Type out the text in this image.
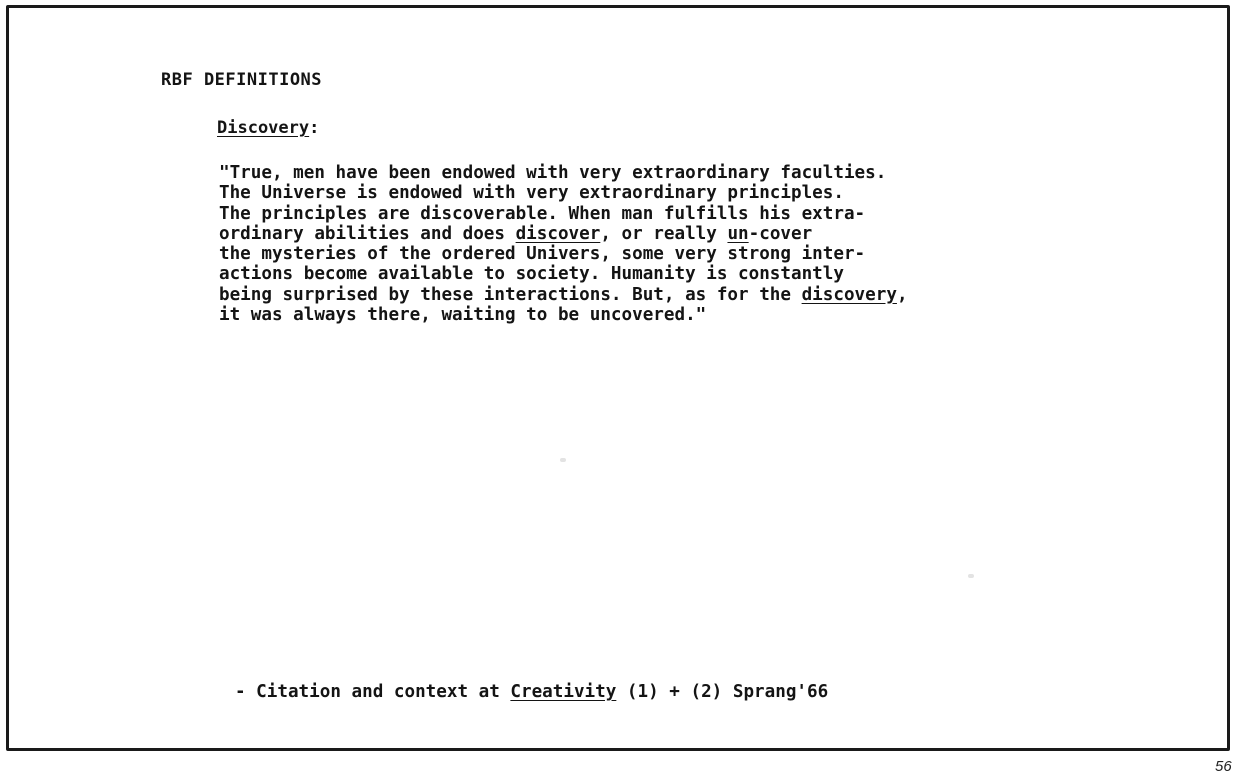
RBF DEFINITIONS
Discovery:
"True, men have been endowed with very extraordinary faculties.
The Universe is endowed with very extraordinary principles.
The principles are discoverable. When man fulfills his extra-
ordinary abilities and does discover, or really un-cover
the mysteries of the ordered Univers, some very strong inter-
actions become available to society. Humanity is constantly
being surprised by these interactions. But, as for the discovery,
it was always there, waiting to be uncovered."
- Citation and context at Creativity (1) + (2) Sprang'66
56
